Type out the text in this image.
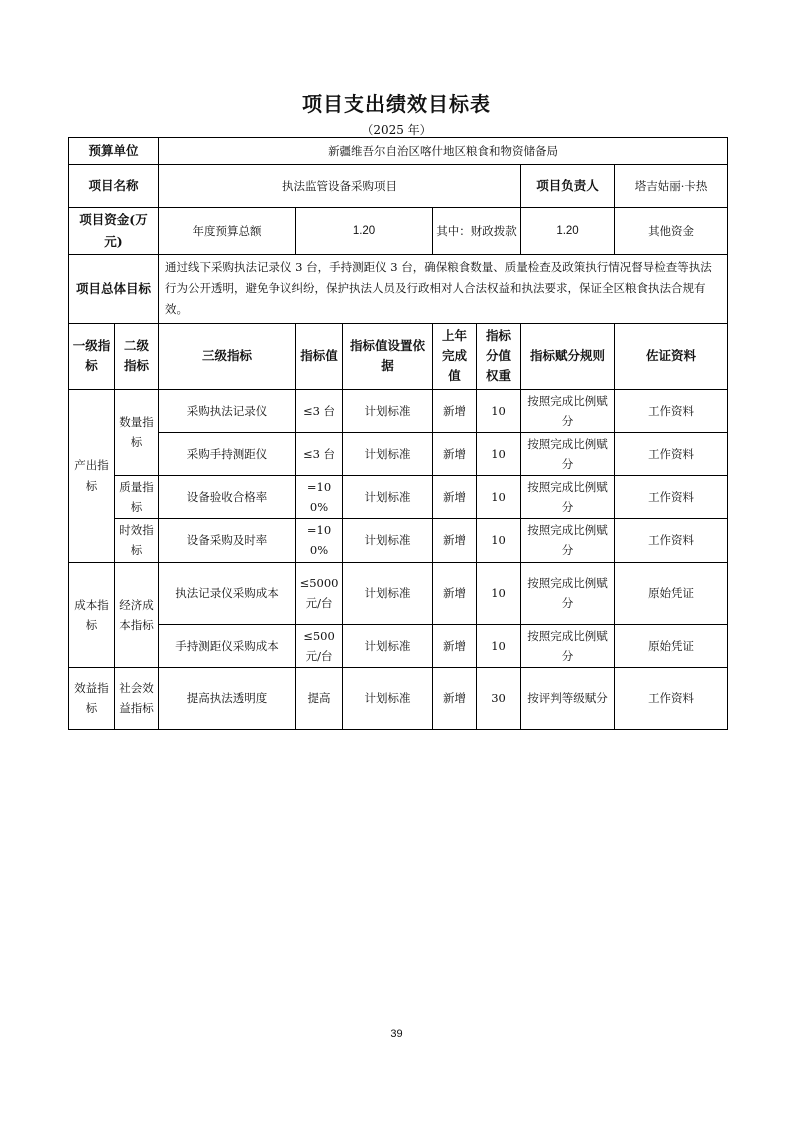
项目支出绩效目标表
（2025 年）
预算单位		新疆维吾尔自治区喀什地区粮食和物资储备局						
项目名称		执法监管设备采购项目					项目负责人	塔吉姑丽·卡热
项目资金(万元)		年度预算总额	1.20		其中：财政拨款		1.20	其他资金
项目总体目标		通过线下采购执法记录仪 3 台，手持测距仪 3 台，确保粮食数量、质量检查及政策执行情况督导检查等执法行为公开透明，避免争议纠纷，保护执法人员及行政相对人合法权益和执法要求，保证全区粮食执法合规有效。						
一级指标	二级指标	三级指标	指标值	指标值设置依据	上年完成值	指标分值权重	指标赋分规则	佐证资料
产出指标	数量指标	采购执法记录仪	≤3 台	计划标准	新增	10	按照完成比例赋分	工作资料
		采购手持测距仪	≤3 台	计划标准	新增	10	按照完成比例赋分	工作资料
	质量指标	设备验收合格率	=100%	计划标准	新增	10	按照完成比例赋分	工作资料
	时效指标	设备采购及时率	=100%	计划标准	新增	10	按照完成比例赋分	工作资料
成本指标	经济成本指标	执法记录仪采购成本	≤5000 元/台	计划标准	新增	10	按照完成比例赋分	原始凭证
		手持测距仪采购成本	≤500 元/台	计划标准	新增	10	按照完成比例赋分	原始凭证
效益指标	社会效益指标	提高执法透明度	提高	计划标准	新增	30	按评判等级赋分	工作资料
39
